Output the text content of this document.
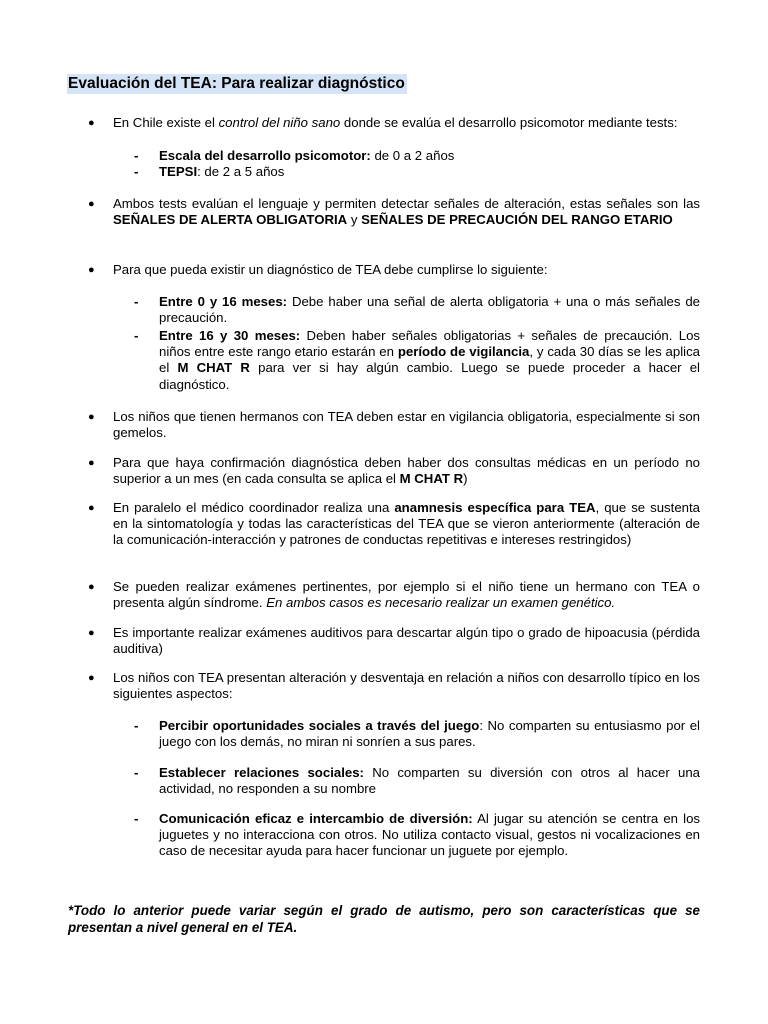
Evaluación del TEA: Para realizar diagnóstico
● En Chile existe el control del niño sano donde se evalúa el desarrollo psicomotor mediante tests:

- Escala del desarrollo psicomotor: de 0 a 2 años

- TEPSI: de 2 a 5 años

● Ambos tests evalúan el lenguaje y permiten detectar señales de alteración, estas señales son las SEÑALES DE ALERTA OBLIGATORIA y SEÑALES DE PRECAUCIÓN DEL RANGO ETARIO

● Para que pueda existir un diagnóstico de TEA debe cumplirse lo siguiente:

- Entre 0 y 16 meses: Debe haber una señal de alerta obligatoria + una o más señales de precaución.

- Entre 16 y 30 meses: Deben haber señales obligatorias + señales de precaución. Los niños entre este rango etario estarán en período de vigilancia, y cada 30 días se les aplica el M CHAT R para ver si hay algún cambio. Luego se puede proceder a hacer el diagnóstico.

● Los niños que tienen hermanos con TEA deben estar en vigilancia obligatoria, especialmente si son gemelos.

● Para que haya confirmación diagnóstica deben haber dos consultas médicas en un período no superior a un mes (en cada consulta se aplica el M CHAT R)

● En paralelo el médico coordinador realiza una anamnesis específica para TEA, que se sustenta en la sintomatología y todas las características del TEA que se vieron anteriormente (alteración de la comunicación-interacción y patrones de conductas repetitivas e intereses restringidos)

● Se pueden realizar exámenes pertinentes, por ejemplo si el niño tiene un hermano con TEA o presenta algún síndrome. En ambos casos es necesario realizar un examen genético.

● Es importante realizar exámenes auditivos para descartar algún tipo o grado de hipoacusia (pérdida auditiva)

● Los niños con TEA presentan alteración y desventaja en relación a niños con desarrollo típico en los siguientes aspectos:

- Percibir oportunidades sociales a través del juego: No comparten su entusiasmo por el juego con los demás, no miran ni sonríen a sus pares.

- Establecer relaciones sociales: No comparten su diversión con otros al hacer una actividad, no responden a su nombre

- Comunicación eficaz e intercambio de diversión: Al jugar su atención se centra en los juguetes y no interacciona con otros. No utiliza contacto visual, gestos ni vocalizaciones en caso de necesitar ayuda para hacer funcionar un juguete por ejemplo.

*Todo lo anterior puede variar según el grado de autismo, pero son características que se presentan a nivel general en el TEA.
